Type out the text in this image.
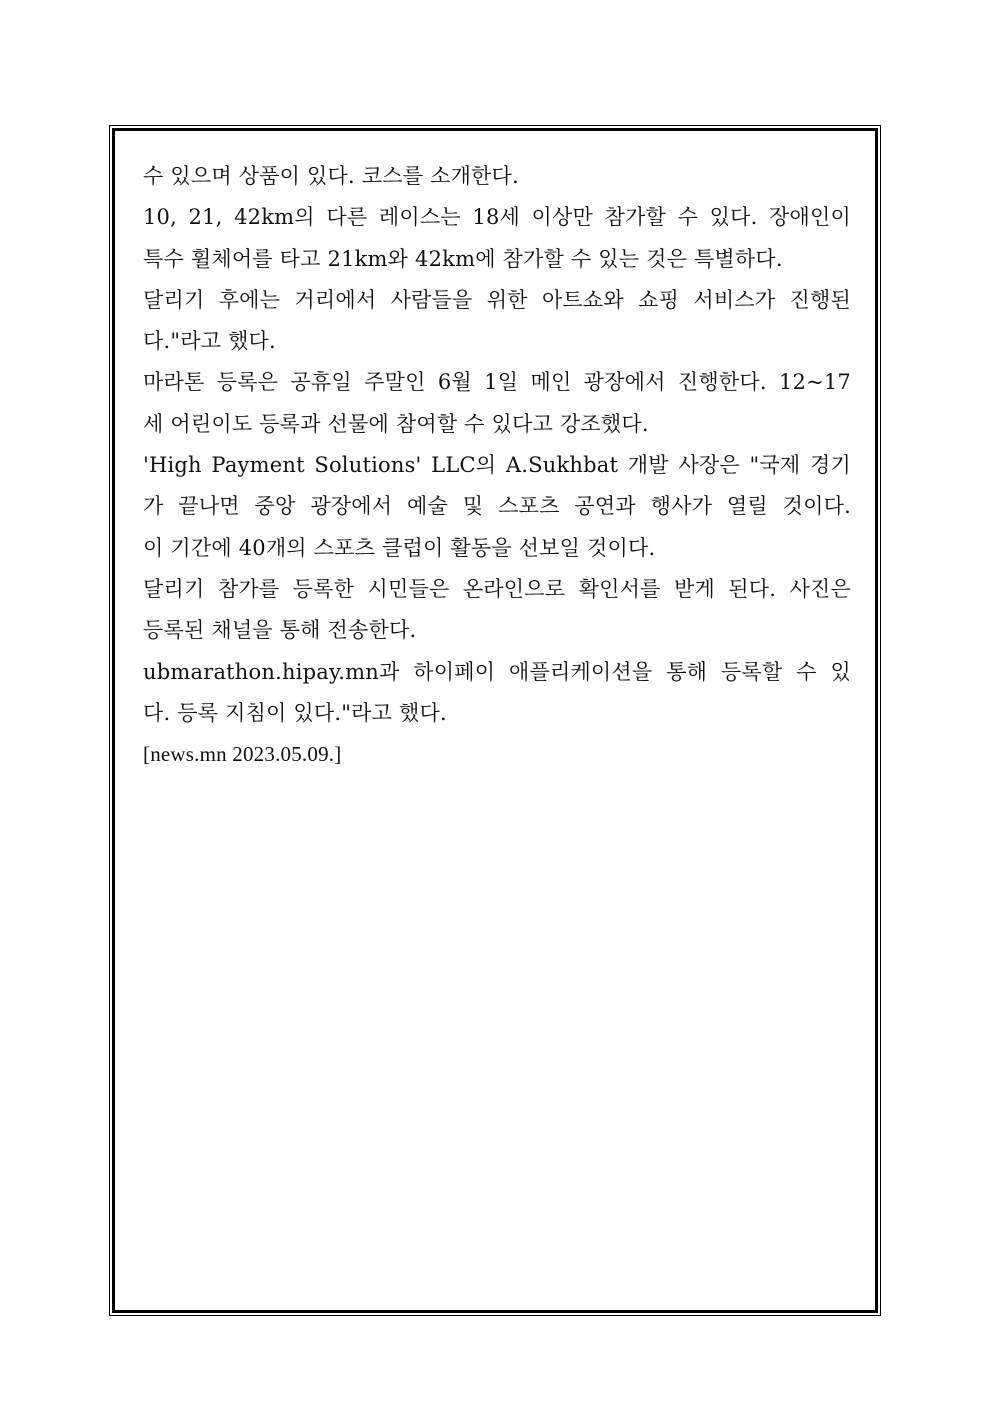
수 있으며 상품이 있다. 코스를 소개한다.
10, 21, 42km의 다른 레이스는 18세 이상만 참가할 수 있다. 장애인이
특수 휠체어를 타고 21km와 42km에 참가할 수 있는 것은 특별하다.
달리기 후에는 거리에서 사람들을 위한 아트쇼와 쇼핑 서비스가 진행된
다."라고 했다.
마라톤 등록은 공휴일 주말인 6월 1일 메인 광장에서 진행한다. 12~17
세 어린이도 등록과 선물에 참여할 수 있다고 강조했다.
'High Payment Solutions' LLC의 A.Sukhbat 개발 사장은 "국제 경기
가 끝나면 중앙 광장에서 예술 및 스포츠 공연과 행사가 열릴 것이다.
이 기간에 40개의 스포츠 클럽이 활동을 선보일 것이다.
달리기 참가를 등록한 시민들은 온라인으로 확인서를 받게 된다. 사진은
등록된 채널을 통해 전송한다.
ubmarathon.hipay.mn과 하이페이 애플리케이션을 통해 등록할 수 있
다. 등록 지침이 있다."라고 했다.
[news.mn 2023.05.09.]
